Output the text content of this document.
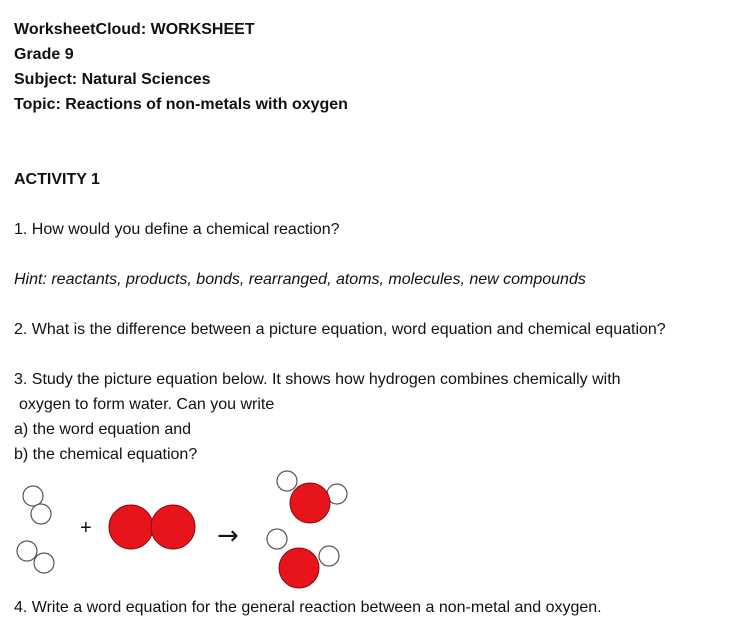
WorksheetCloud: WORKSHEET
Grade 9
Subject: Natural Sciences
Topic: Reactions of non-metals with oxygen
ACTIVITY 1
1. How would you define a chemical reaction?
Hint: reactants, products, bonds, rearranged, atoms, molecules, new compounds
2. What is the difference between a picture equation, word equation and chemical equation?
3. Study the picture equation below. It shows how hydrogen combines chemically with
oxygen to form water. Can you write
a) the word equation and
b) the chemical equation?
4. Write a word equation for the general reaction between a non-metal and oxygen.
+	→
